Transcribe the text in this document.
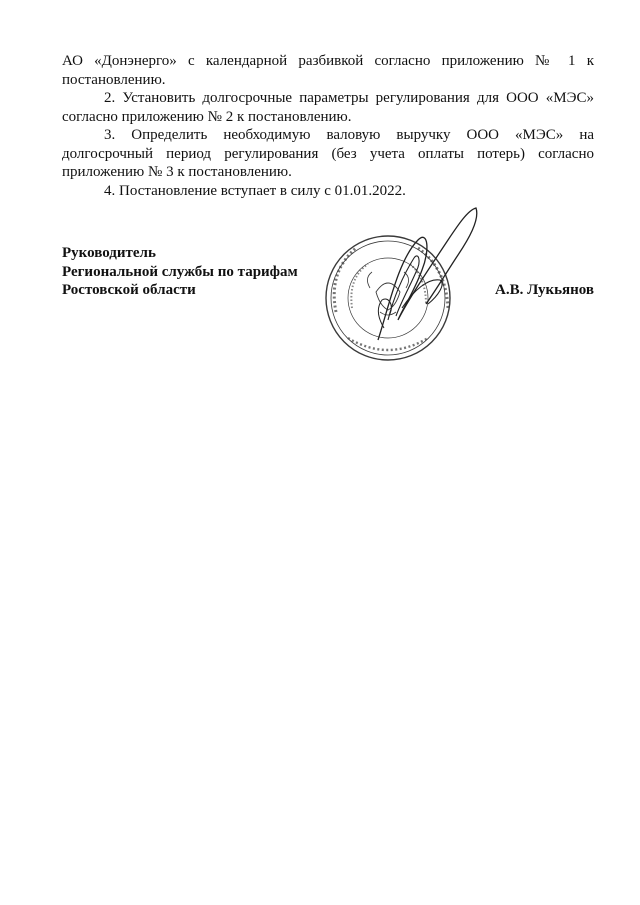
АО «Донэнерго» с календарной разбивкой согласно приложению № 1 к постановлению.

2. Установить долгосрочные параметры регулирования для ООО «МЭС» согласно приложению № 2 к постановлению.

3. Определить необходимую валовую выручку ООО «МЭС» на долгосрочный период регулирования (без учета оплаты потерь) согласно приложению № 3 к постановлению.

4. Постановление вступает в силу с 01.01.2022.

Руководитель
Региональной службы по тарифам
Ростовской области	А.В. Лукьянов
